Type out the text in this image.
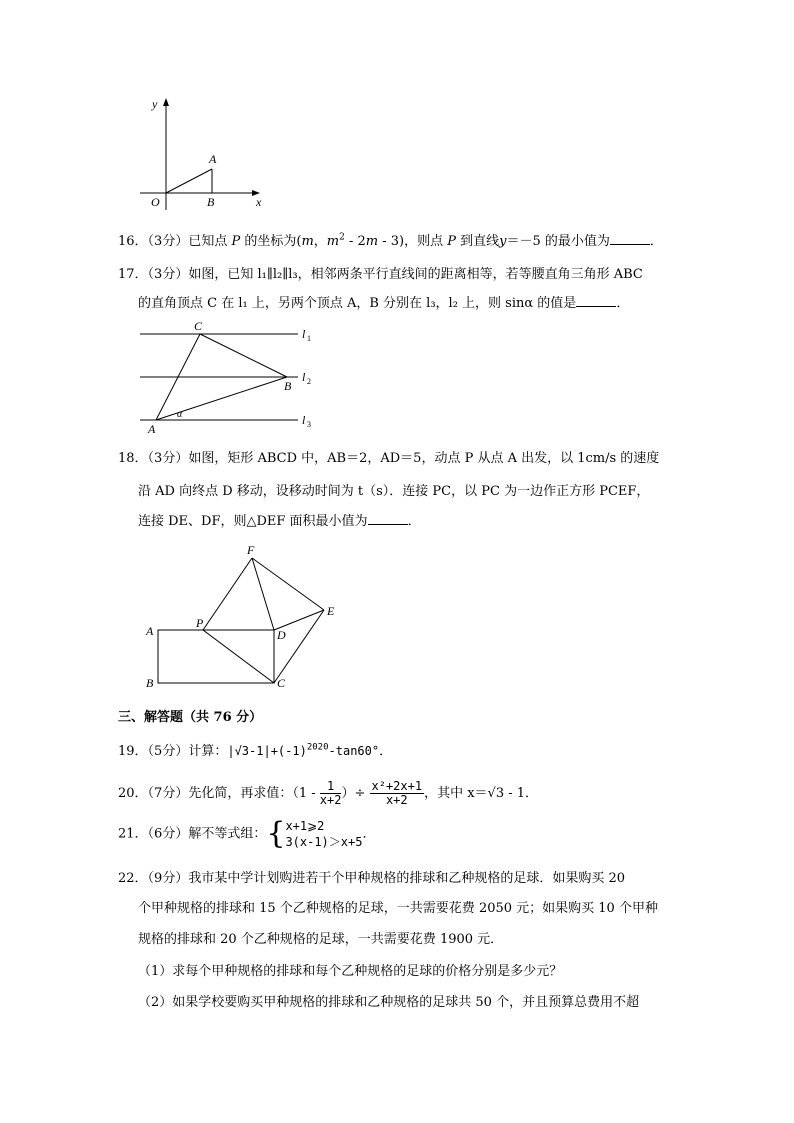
y
x
O
A
B
16．（3分）已知点 P 的坐标为(m，$m^2 - 2m - 3$)，则点 P 到直线y＝－5 的最小值为	．
17．（3分）如图，已知 l₁∥l₂∥l₃，相邻两条平行直线间的距离相等，若等腰直角三角形 ABC
的直角顶点 C 在 l₁ 上，另两个顶点 A，B 分别在 l₃，l₂ 上，则 sinα 的值是	．
C
B
A
α
l 1
l 2
l 3
18．（3分）如图，矩形 ABCD 中，AB＝2，AD＝5，动点 P 从点 A 出发，以 1cm/s 的速度
沿 AD 向终点 D 移动，设移动时间为 t（s）．连接 PC，以 PC 为一边作正方形 PCEF，
连接 DE、DF，则△DEF 面积最小值为	．
F
E
A
P
D
B	C
三、解答题（共 76 分）
19．（5分）计算：$|√3-1|+(-1)^{2020}-\tan 60^\circ$．
20．（7分）先化简，再求值：（$1 - \frac{1}{x+2}$ ）÷ $\frac{\text{x²+2x+1}}{x+2}$ ，其中 x＝√3 - 1．
21．（6分）解不等式组：{ x+1⩾2
3(x-1)＞x+5
．
22．（9分）我市某中学计划购进若干个甲种规格的排球和乙种规格的足球．如果购买 20
个甲种规格的排球和 15 个乙种规格的足球，一共需要花费 2050 元；如果购买 10 个甲种
规格的排球和 20 个乙种规格的足球，一共需要花费 1900 元．
（1）求每个甲种规格的排球和每个乙种规格的足球的价格分别是多少元？
（2）如果学校要购买甲种规格的排球和乙种规格的足球共 50 个，并且预算总费用不超
